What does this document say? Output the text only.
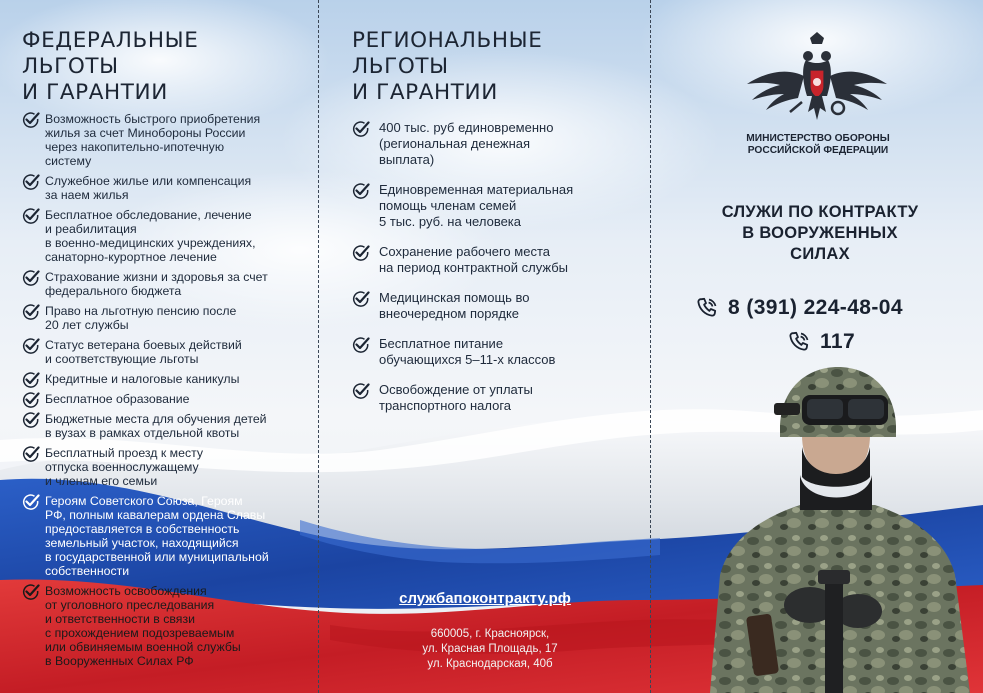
ФЕДЕРАЛЬНЫЕ
ЛЬГОТЫ
И ГАРАНТИИ
Возможность быстрого приобретения
жилья за счет Минобороны России
через накопительно-ипотечную
систему
Служебное жилье или компенсация
за наем жилья
Бесплатное обследование, лечение
и реабилитация
в военно-медицинских учреждениях,
санаторно-курортное лечение
Страхование жизни и здоровья за счет
федерального бюджета
Право на льготную пенсию после
20 лет службы
Статус ветерана боевых действий
и соответствующие льготы
Кредитные и налоговые каникулы
Бесплатное образование
Бюджетные места для обучения детей
в вузах в рамках отдельной квоты
Бесплатный проезд к месту
отпуска военнослужащему
и членам его семьи
Героям Советского Союза, Героям
РФ, полным кавалерам ордена Славы
предоставляется в собственность
земельный участок, находящийся
в государственной или муниципальной
собственности
Возможность освобождения
от уголовного преследования
и ответственности в связи
с прохождением подозреваемым
или обвиняемым военной службы
в Вооруженных Силах РФ
РЕГИОНАЛЬНЫЕ
ЛЬГОТЫ
И ГАРАНТИИ
400 тыс. руб единовременно
(региональная денежная
выплата)
Единовременная материальная
помощь членам семей
5 тыс. руб. на человека
Сохранение рабочего места
на период контрактной службы
Медицинская помощь во
внеочередном порядке
Бесплатное питание
обучающихся 5–11-х классов
Освобождение от уплаты
транспортного налога
службапоконтракту.рф
660005, г. Красноярск,
ул. Красная Площадь, 17
ул. Краснодарская, 40б
МИНИСТЕРСТВО ОБОРОНЫ
РОССИЙСКОЙ ФЕДЕРАЦИИ
СЛУЖИ ПО КОНТРАКТУ
В ВООРУЖЕННЫХ
СИЛАХ
8 (391) 224-48-04
117
